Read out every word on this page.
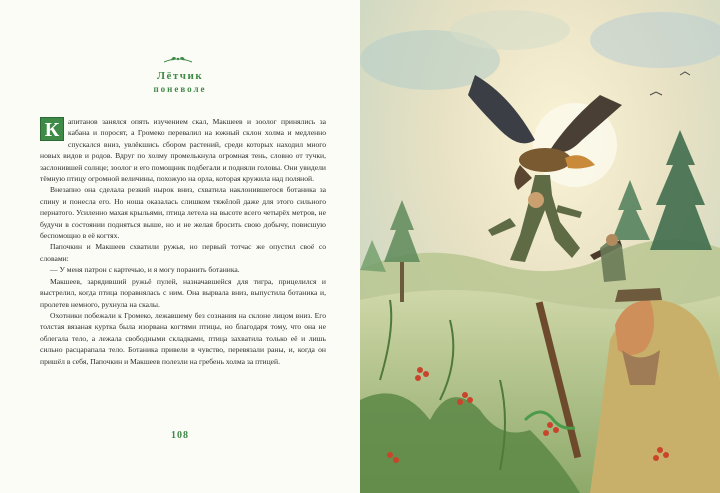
Лётчик
поневоле

К	апитанов занялся опять изучением скал, Макшеев и зоолог принялись за кабана и поросят, а Громеко перевалил на южный склон холма и медленно спускался вниз, увлёкшись сбором растений, среди которых находил много новых видов и родов. Вдруг по холму промелькнула огромная тень, словно от тучки, заслонившей солнце; зоолог и его помощник подбегали и подняли головы. Они увидели тёмную птицу огромной величины, похожую на орла, которая кружила над поляной.

Внезапно она сделала резкий нырок вниз, схватила наклонившегося ботаника за спину и понесла его. Но ноша оказалась слишком тяжёлой даже для этого сильного пернатого. Усиленно махая крыльями, птица летела на высоте всего четырёх метров, не будучи в состоянии подняться выше, но и не желая бросить свою добычу, повисшую беспомощно в её когтях.

Папочкин и Макшеев схватили ружья, но первый тотчас же опустил своё со словами:

— У меня патрон с картечью, и я могу поранить ботаника.

Макшеев, зарядивший ружьё пулей, назначавшейся для тигра, прицелился и выстрелил, когда птица поравнялась с ним. Она вырвала вниз, выпустила ботаника и, пролетев немного, рухнула на скалы.

Охотники побежали к Громеко, лежавшему без сознания на склоне лицом вниз. Его толстая вязаная куртка была изорвана когтями птицы, но благодаря тому, что она не облегала тело, а лежала свободными складками, птица захватила только её и лишь сильно расцарапала тело. Ботаника привели в чувство, перевязали раны, и, когда он пришёл в себя, Папочкин и Макшеев полезли на гребень холма за птицей.

108
